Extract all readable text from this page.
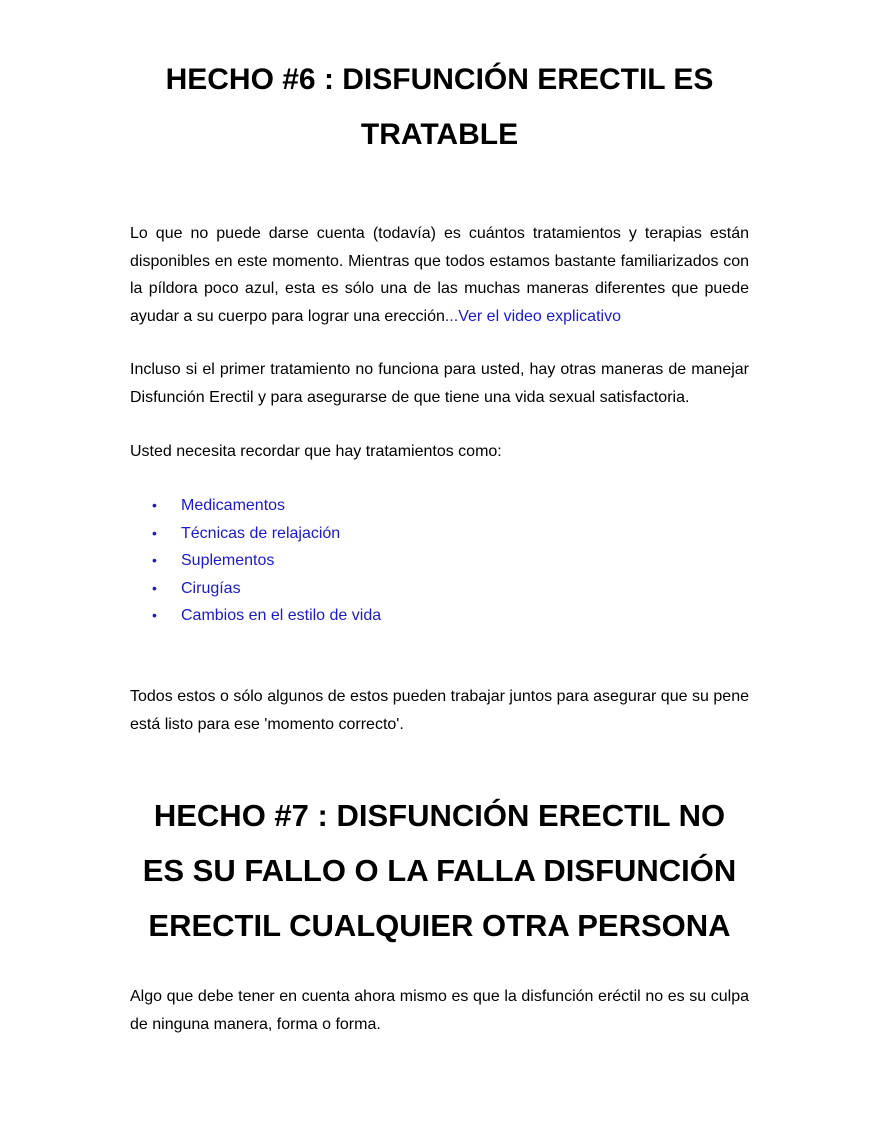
HECHO #6 : DISFUNCIÓN ERECTIL ES
TRATABLE

Lo que no puede darse cuenta (todavía) es cuántos tratamientos y terapias están disponibles en este momento. Mientras que todos estamos bastante familiarizados con la píldora poco azul, esta es sólo una de las muchas maneras diferentes que puede ayudar a su cuerpo para lograr una erección...Ver el video explicativo

Incluso si el primer tratamiento no funciona para usted, hay otras maneras de manejar Disfunción Erectil y para asegurarse de que tiene una vida sexual satisfactoria.

Usted necesita recordar que hay tratamientos como:

•	Medicamentos
•	Técnicas de relajación
•	Suplementos
•	Cirugías
•	Cambios en el estilo de vida

Todos estos o sólo algunos de estos pueden trabajar juntos para asegurar que su pene está listo para ese 'momento correcto'.

HECHO #7 : DISFUNCIÓN ERECTIL NO
ES SU FALLO O LA FALLA DISFUNCIÓN
ERECTIL CUALQUIER OTRA PERSONA

Algo que debe tener en cuenta ahora mismo es que la disfunción eréctil no es su culpa de ninguna manera, forma o forma.
